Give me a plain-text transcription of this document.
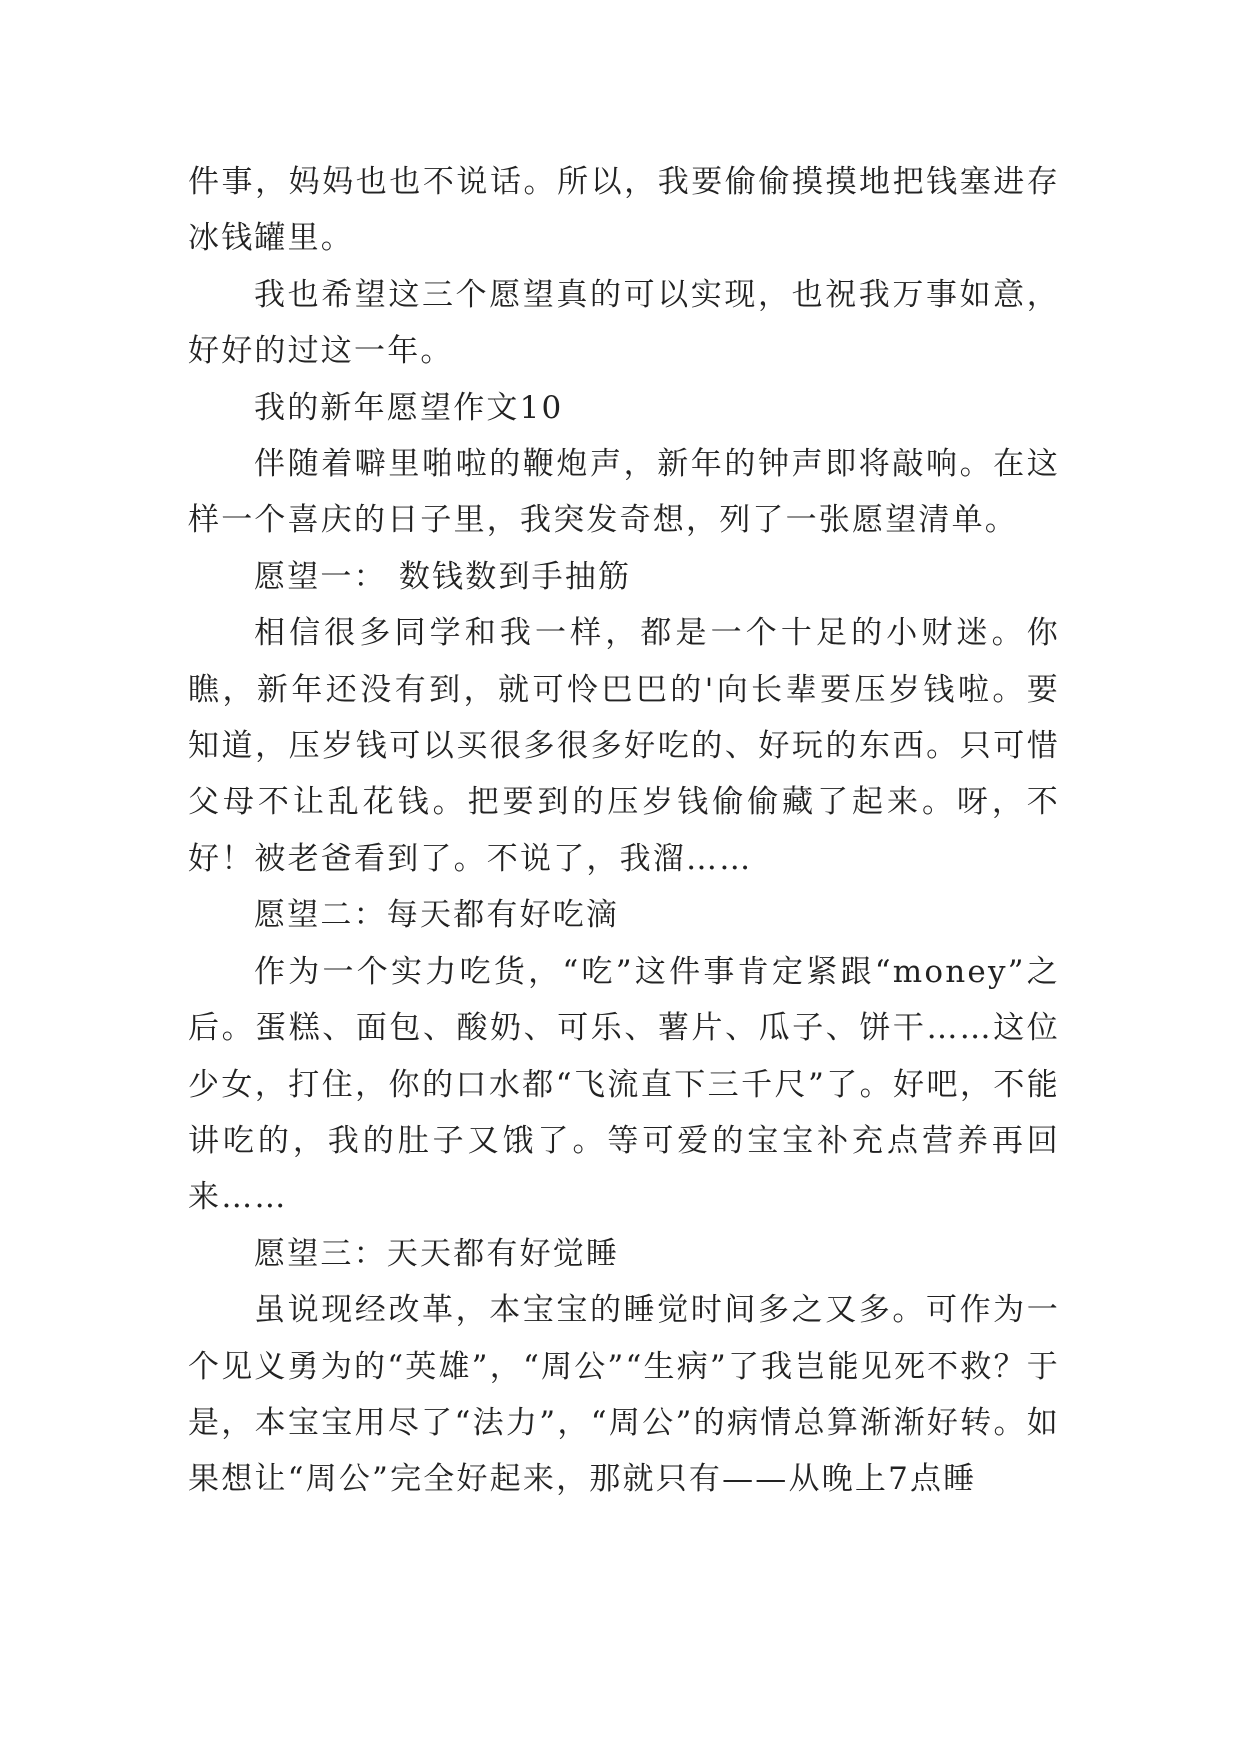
件事，妈妈也也不说话。所以，我要偷偷摸摸地把钱塞进存冰钱罐里。

我也希望这三个愿望真的可以实现，也祝我万事如意，好好的过这一年。

我的新年愿望作文10

伴随着噼里啪啦的鞭炮声，新年的钟声即将敲响。在这样一个喜庆的日子里，我突发奇想，列了一张愿望清单。

愿望一： 数钱数到手抽筋

相信很多同学和我一样，都是一个十足的小财迷。你瞧，新年还没有到，就可怜巴巴的'向长辈要压岁钱啦。要知道，压岁钱可以买很多很多好吃的、好玩的东西。只可惜父母不让乱花钱。把要到的压岁钱偷偷藏了起来。呀，不好！被老爸看到了。不说了，我溜……

愿望二：每天都有好吃滴

作为一个实力吃货，“吃”这件事肯定紧跟“money”之后。蛋糕、面包、酸奶、可乐、薯片、瓜子、饼干……这位少女，打住，你的口水都“飞流直下三千尺”了。好吧，不能讲吃的，我的肚子又饿了。等可爱的宝宝补充点营养再回来……

愿望三：天天都有好觉睡

虽说现经改革，本宝宝的睡觉时间多之又多。可作为一个见义勇为的“英雄”，“周公”“生病”了我岂能见死不救？于是，本宝宝用尽了“法力”，“周公”的病情总算渐渐好转。如果想让“周公”完全好起来，那就只有——从晚上7点睡
